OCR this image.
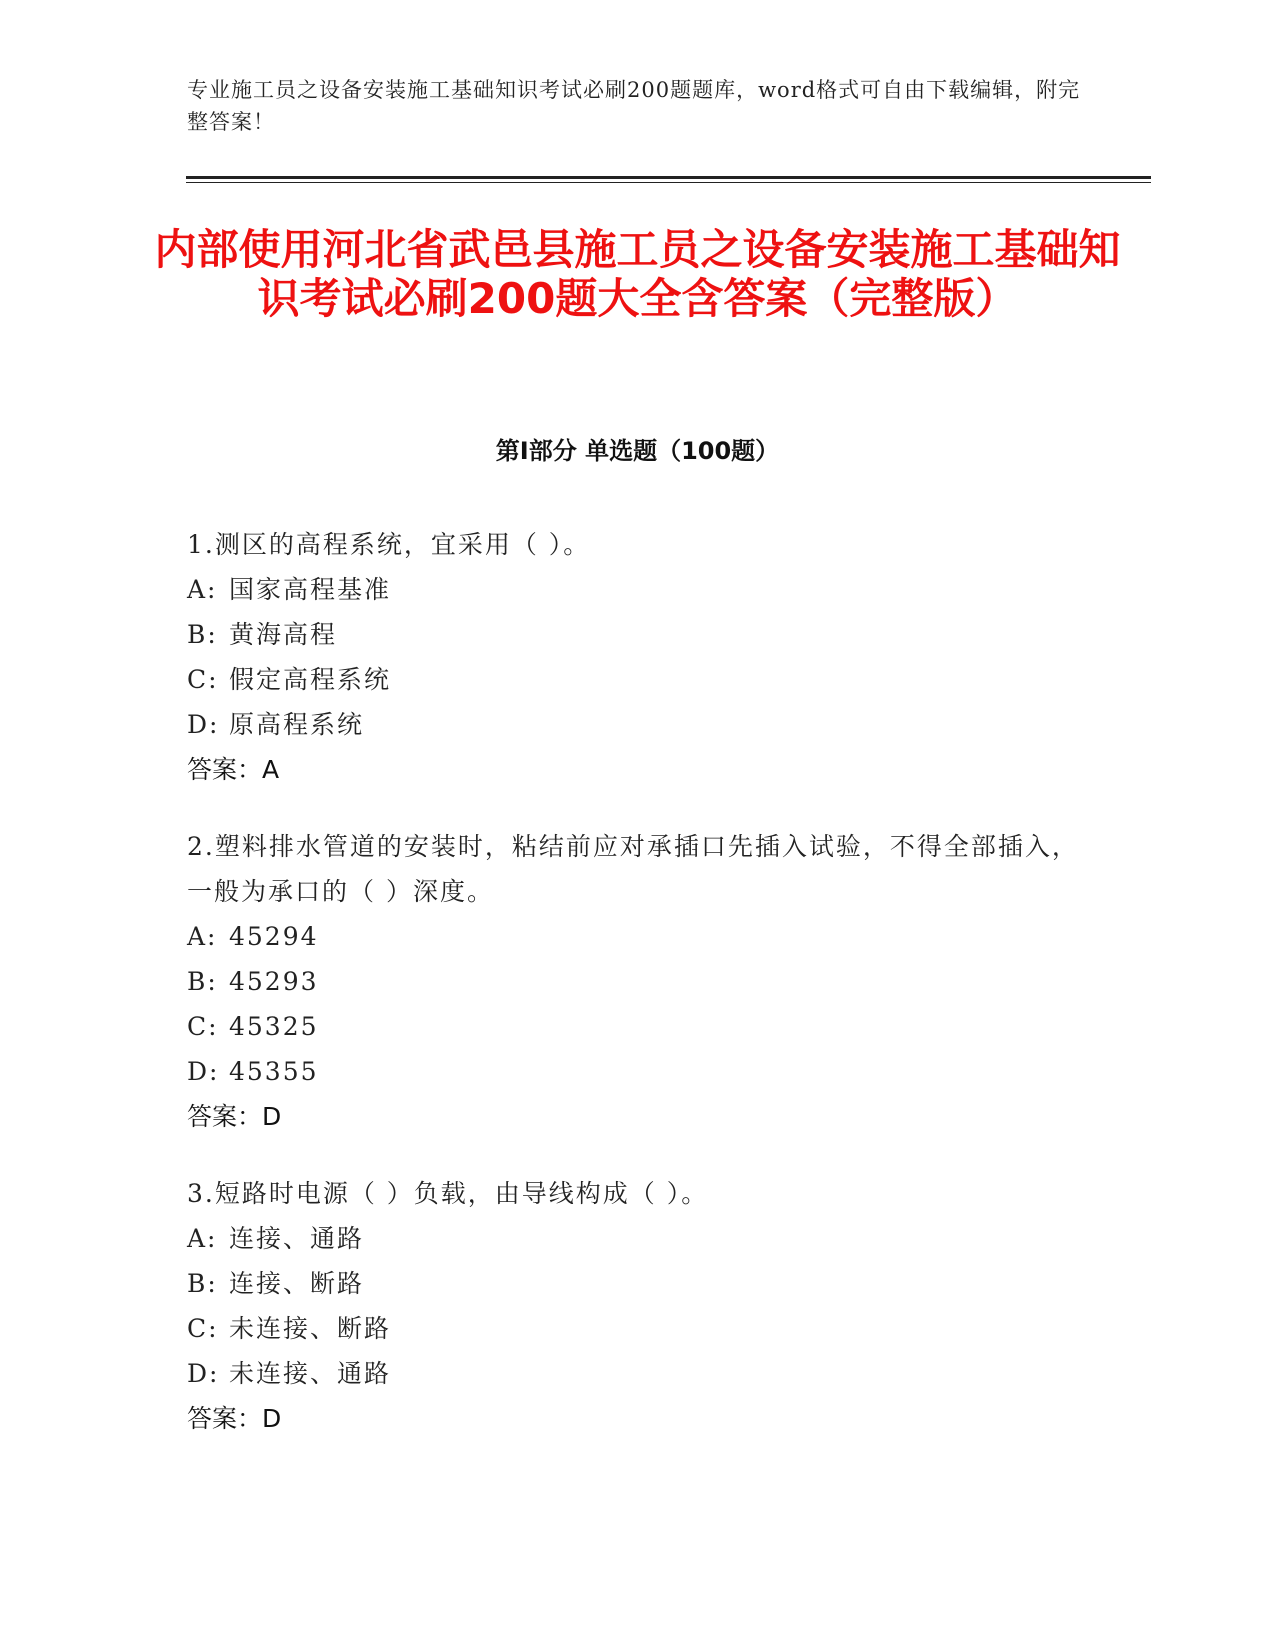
专业施工员之设备安装施工基础知识考试必刷200题题库，word格式可自由下载编辑，附完整答案！
内部使用河北省武邑县施工员之设备安装施工基础知识考试必刷200题大全含答案（完整版）
第I部分 单选题（100题）

1.测区的高程系统，宜采用（ ）。

A: 国家高程基准

B: 黄海高程

C: 假定高程系统

D: 原高程系统

答案：A

2.塑料排水管道的安装时，粘结前应对承插口先插入试验，不得全部插入，一般为承口的（ ）深度。

A: 45294

B: 45293

C: 45325

D: 45355

答案：D

3.短路时电源（ ）负载，由导线构成（ ）。

A: 连接、通路

B: 连接、断路

C: 未连接、断路

D: 未连接、通路

答案：D
